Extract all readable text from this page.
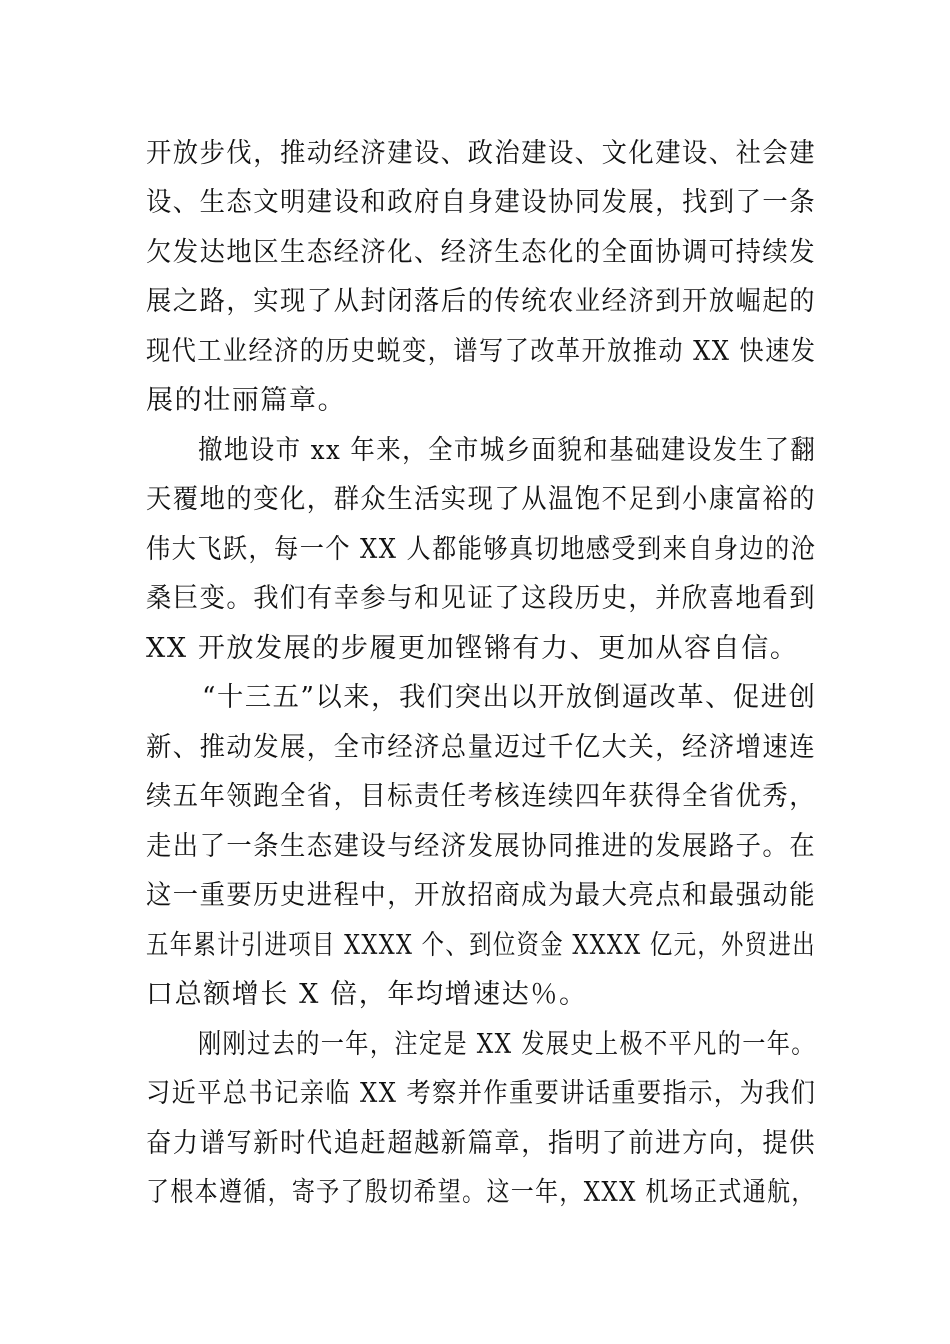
开放步伐，推动经济建设、政治建设、文化建设、社会建
设、生态文明建设和政府自身建设协同发展，找到了一条
欠发达地区生态经济化、经济生态化的全面协调可持续发
展之路，实现了从封闭落后的传统农业经济到开放崛起的
现代工业经济的历史蜕变，谱写了改革开放推动 XX 快速发
展的壮丽篇章。
撤地设市 xx 年来，全市城乡面貌和基础建设发生了翻
天覆地的变化，群众生活实现了从温饱不足到小康富裕的
伟大飞跃，每一个 XX 人都能够真切地感受到来自身边的沧
桑巨变。我们有幸参与和见证了这段历史，并欣喜地看到
XX 开放发展的步履更加铿锵有力、更加从容自信。
“十三五”以来，我们突出以开放倒逼改革、促进创
新、推动发展，全市经济总量迈过千亿大关，经济增速连
续五年领跑全省，目标责任考核连续四年获得全省优秀，
走出了一条生态建设与经济发展协同推进的发展路子。在
这一重要历史进程中，开放招商成为最大亮点和最强动能
五年累计引进项目 XXXX 个、到位资金 XXXX 亿元，外贸进出
口总额增长 X 倍，年均增速达％。
刚刚过去的一年，注定是 XX 发展史上极不平凡的一年。
习近平总书记亲临 XX 考察并作重要讲话重要指示，为我们
奋力谱写新时代追赶超越新篇章，指明了前进方向，提供
了根本遵循，寄予了殷切希望。这一年，XXX 机场正式通航，
